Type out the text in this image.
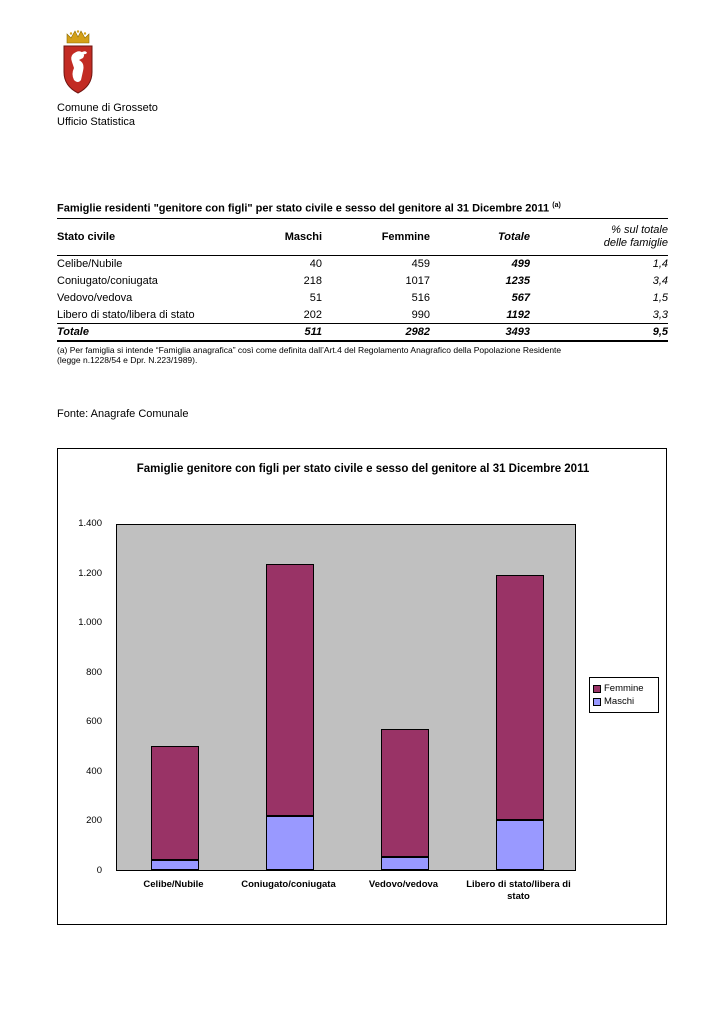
Comune di Grosseto
Ufficio Statistica
Famiglie residenti "genitore con figli" per stato civile e sesso del genitore al 31 Dicembre 2011 $^{(a)}$
Stato civile	Maschi	Femmine	Totale	% sul totale delle famiglie

Celibe/Nubile	40	459	499	1,4
Coniugato/coniugata	218	1017	1235	3,4
Vedovo/vedova	51	516	567	1,5
Libero di stato/libera di stato	202	990	1192	3,3
Totale	511	2982	3493	9,5
(a) Per famiglia si intende “Famiglia anagrafica” così come definita dall’Art.4 del Regolamento Anagrafico della Popolazione Residente
(legge n.1228/54 e Dpr. N.223/1989).
Fonte: Anagrafe Comunale
Famiglie genitore con figli per stato civile e sesso del genitore al 31 Dicembre 2011
1.400
1.200
1.000
800
600
400
200
0
Celibe/Nubile	Coniugato/coniugata	Vedovo/vedova	Libero di stato/libera di stato
Femmine
Maschi
